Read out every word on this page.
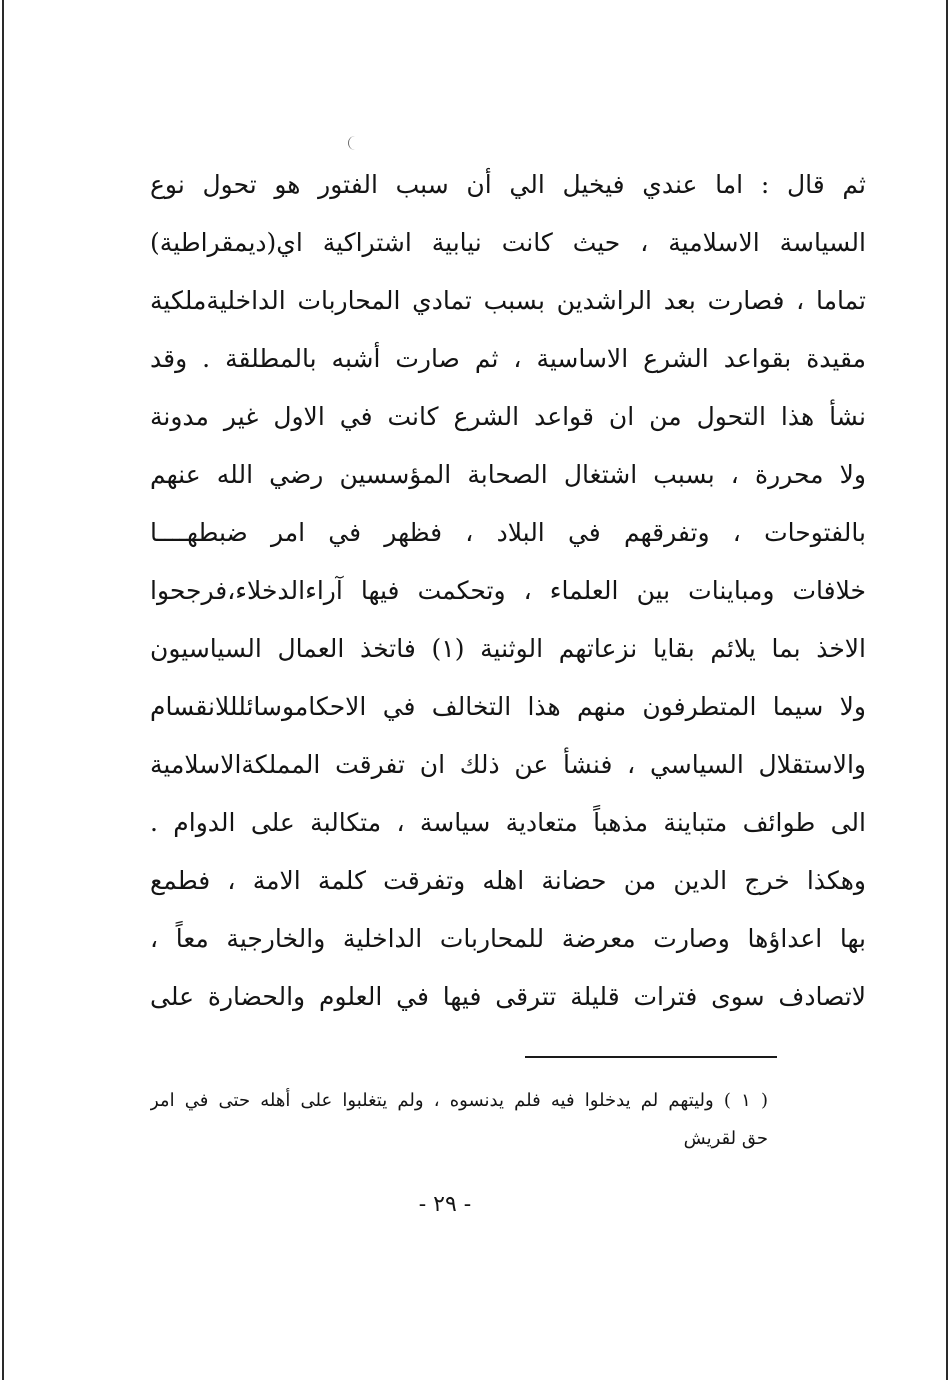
ثم قال : اما عندي فيخيل الي أن سبب الفتور هو تحول نوع
السياسة الاسلامية ، حيث كانت نيابية اشتراكية اي(ديمقراطية)
تماما ، فصارت بعد الراشدين بسبب تمادي المحاربات الداخليةملكية
مقيدة بقواعد الشرع الاساسية ، ثم صارت أشبه بالمطلقة . وقد
نشأ هذا التحول من ان قواعد الشرع كانت في الاول غير مدونة
ولا محررة ، بسبب اشتغال الصحابة المؤسسين رضي الله عنهم
بالفتوحات ، وتفرقهم في البلاد ، فظهر في امر ضبطهــــا
خلافات ومباينات بين العلماء ، وتحكمت فيها آراءالدخلاء،فرجحوا
الاخذ بما يلائم بقايا نزعاتهم الوثنية (١) فاتخذ العمال السياسيون
ولا سيما المتطرفون منهم هذا التخالف في الاحكاموسائلللانقسام
والاستقلال السياسي ، فنشأ عن ذلك ان تفرقت المملكةالاسلامية
الى طوائف متباينة مذهباً متعادية سياسة ، متكالبة على الدوام .
وهكذا خرج الدين من حضانة اهله وتفرقت كلمة الامة ، فطمع
بها اعداؤها وصارت معرضة للمحاربات الداخلية والخارجية معاً ،
لاتصادف سوى فترات قليلة تترقى فيها في العلوم والحضارة على
( ١ ) وليتهم لم يدخلوا فيه فلم يدنسوه ، ولم يتغلبوا على أهله حتى في امر
حق لقريش
- ٢٩ -
